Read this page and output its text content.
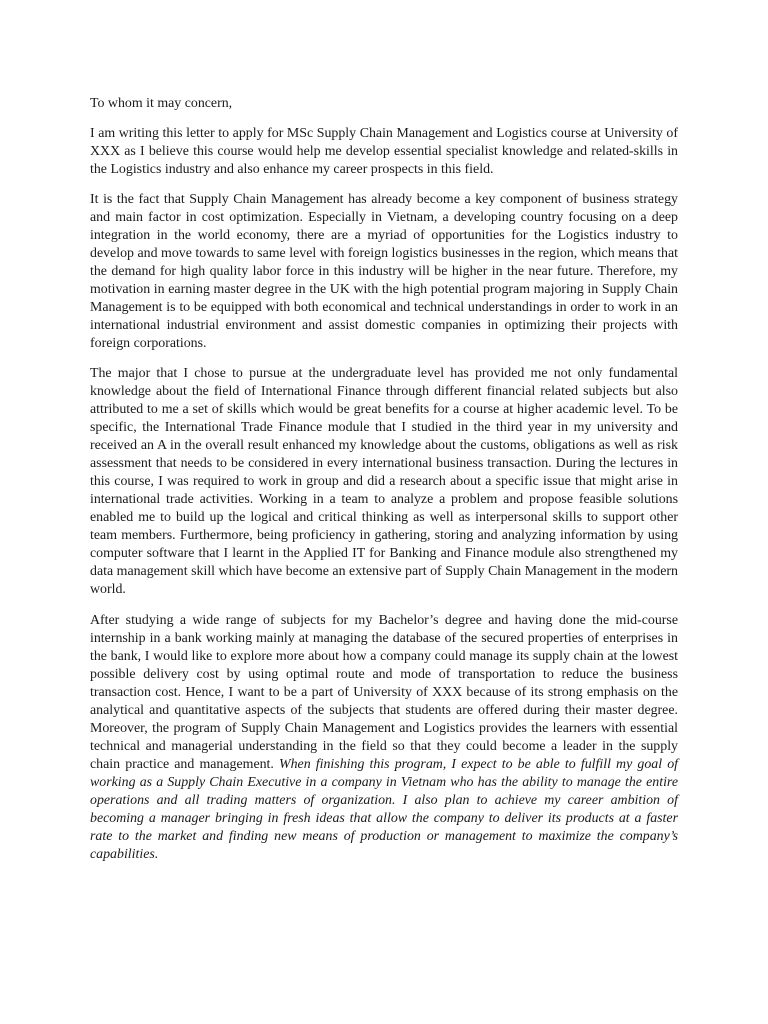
To whom it may concern,

I am writing this letter to apply for MSc Supply Chain Management and Logistics course at University of XXX as I believe this course would help me develop essential specialist knowledge and related-skills in the Logistics industry and also enhance my career prospects in this field.

It is the fact that Supply Chain Management has already become a key component of business strategy and main factor in cost optimization. Especially in Vietnam, a developing country focusing on a deep integration in the world economy, there are a myriad of opportunities for the Logistics industry to develop and move towards to same level with foreign logistics businesses in the region, which means that the demand for high quality labor force in this industry will be higher in the near future. Therefore, my motivation in earning master degree in the UK with the high potential program majoring in Supply Chain Management is to be equipped with both economical and technical understandings in order to work in an international industrial environment and assist domestic companies in optimizing their projects with foreign corporations.

The major that I chose to pursue at the undergraduate level has provided me not only fundamental knowledge about the field of International Finance through different financial related subjects but also attributed to me a set of skills which would be great benefits for a course at higher academic level. To be specific, the International Trade Finance module that I studied in the third year in my university and received an A in the overall result enhanced my knowledge about the customs, obligations as well as risk assessment that needs to be considered in every international business transaction. During the lectures in this course, I was required to work in group and did a research about a specific issue that might arise in international trade activities. Working in a team to analyze a problem and propose feasible solutions enabled me to build up the logical and critical thinking as well as interpersonal skills to support other team members. Furthermore, being proficiency in gathering, storing and analyzing information by using computer software that I learnt in the Applied IT for Banking and Finance module also strengthened my data management skill which have become an extensive part of Supply Chain Management in the modern world.

After studying a wide range of subjects for my Bachelor’s degree and having done the mid-course internship in a bank working mainly at managing the database of the secured properties of enterprises in the bank, I would like to explore more about how a company could manage its supply chain at the lowest possible delivery cost by using optimal route and mode of transportation to reduce the business transaction cost. Hence, I want to be a part of University of XXX because of its strong emphasis on the analytical and quantitative aspects of the subjects that students are offered during their master degree. Moreover, the program of Supply Chain Management and Logistics provides the learners with essential technical and managerial understanding in the field so that they could become a leader in the supply chain practice and management. When finishing this program, I expect to be able to fulfill my goal of working as a Supply Chain Executive in a company in Vietnam who has the ability to manage the entire operations and all trading matters of organization. I also plan to achieve my career ambition of becoming a manager bringing in fresh ideas that allow the company to deliver its products at a faster rate to the market and finding new means of production or management to maximize the company’s capabilities.
